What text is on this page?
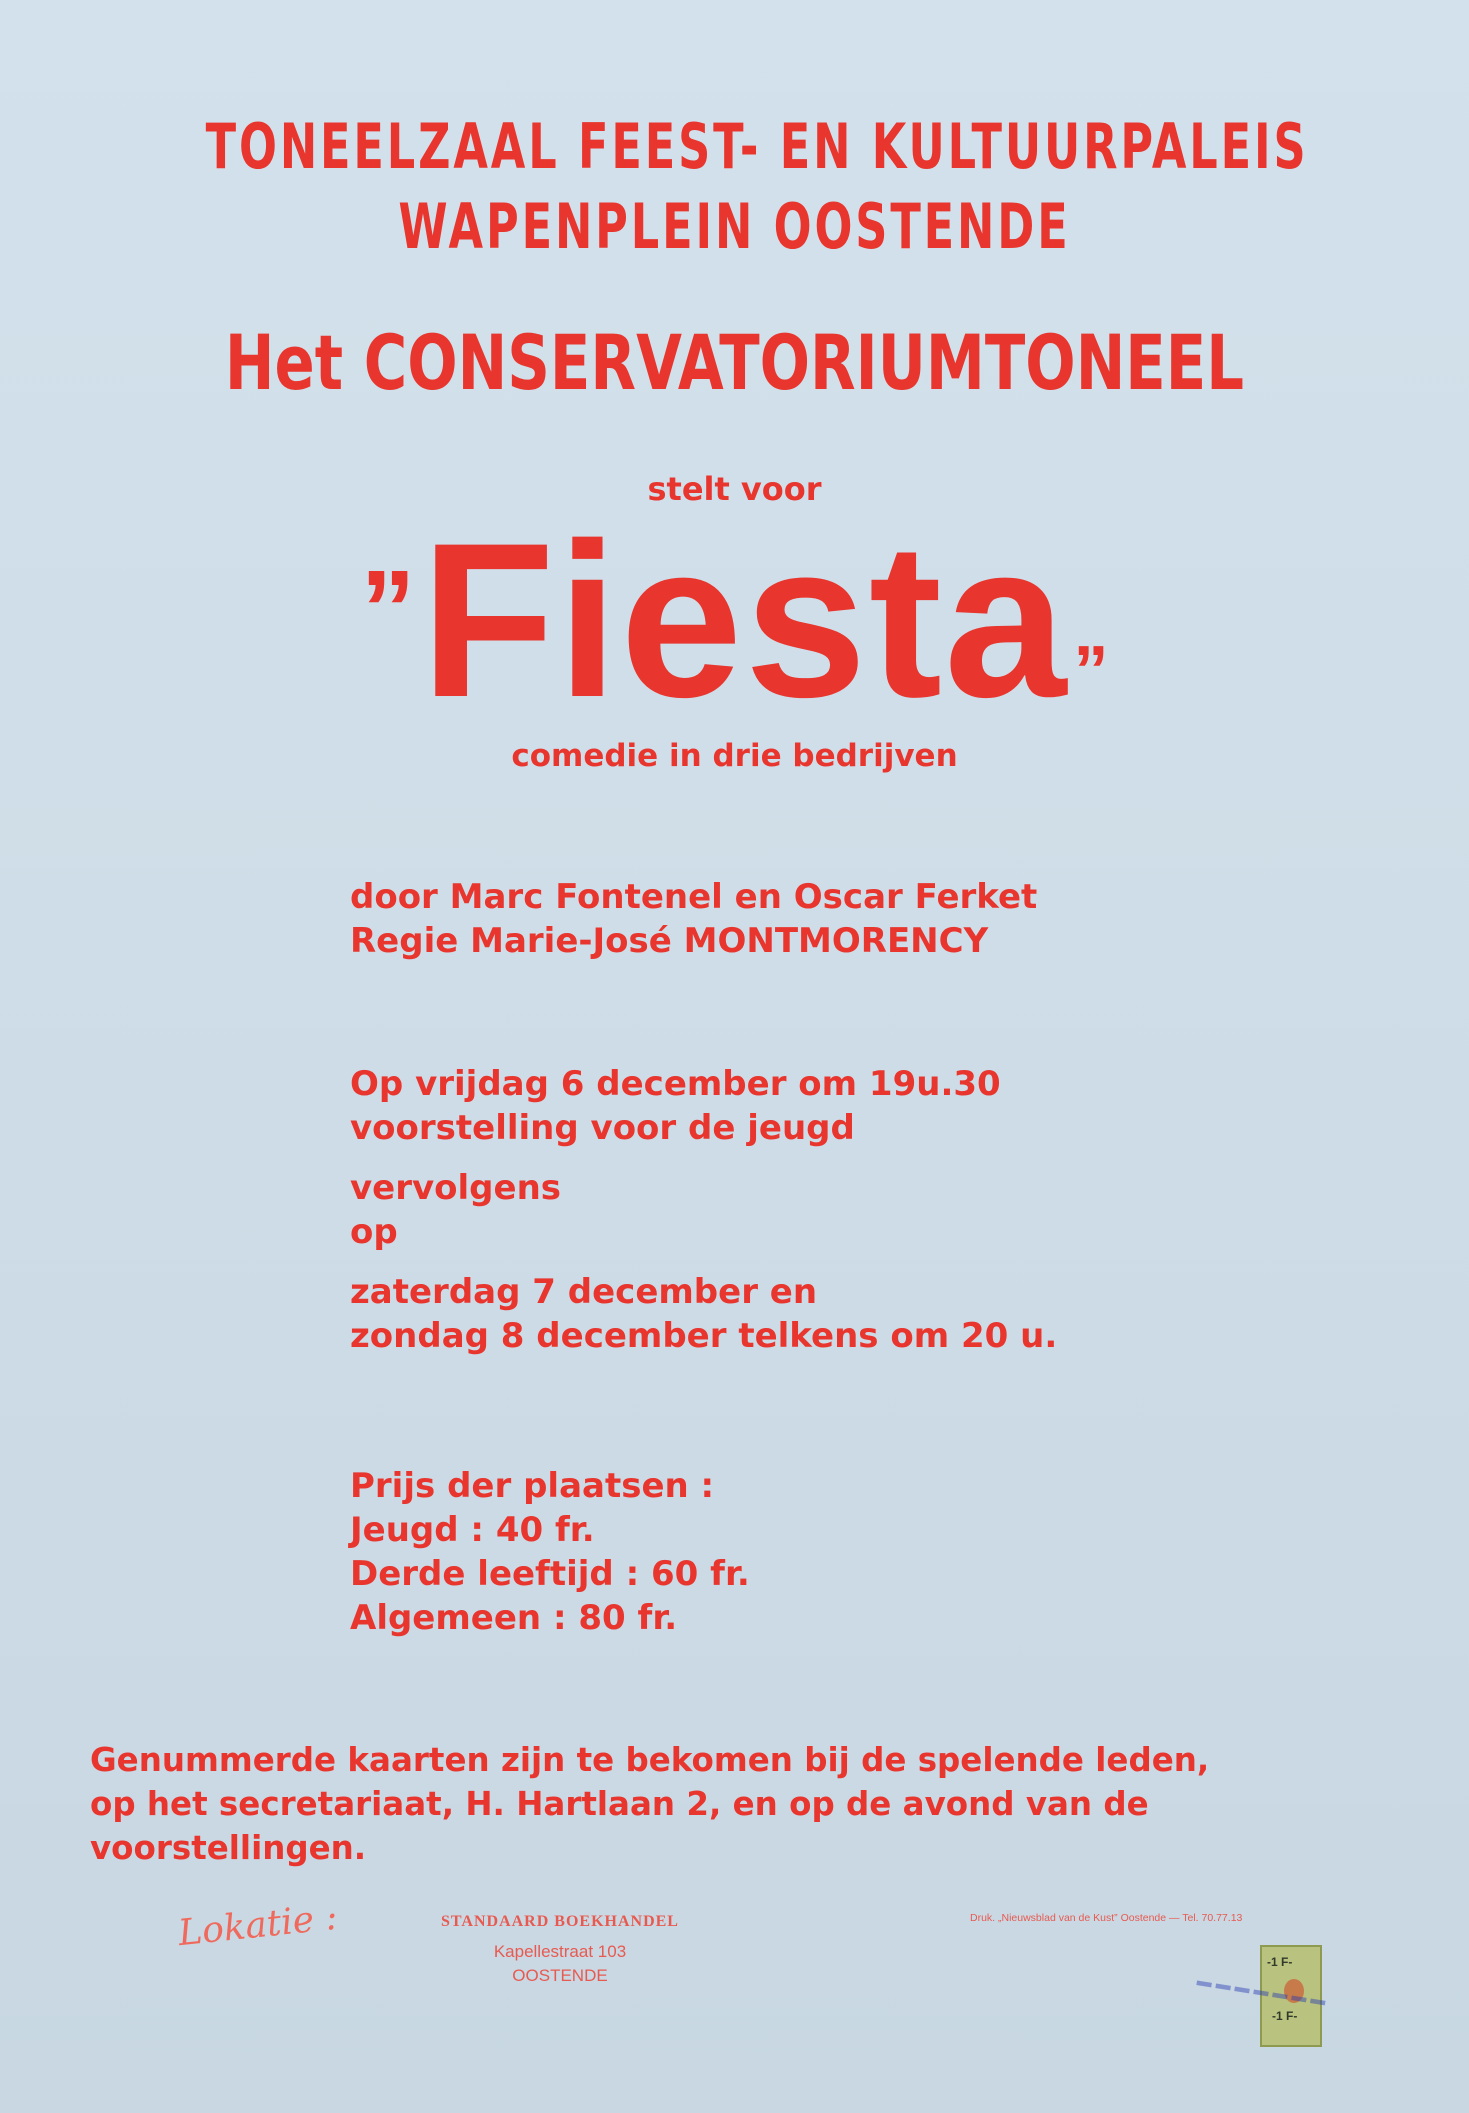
TONEELZAAL FEEST- EN KULTUURPALEIS
WAPENPLEIN OOSTENDE
Het CONSERVATORIUMTONEEL
stelt voor
” Fiesta ”
comedie in drie bedrijven
door Marc Fontenel en Oscar Ferket
Regie Marie-José MONTMORENCY
Op vrijdag 6 december om 19u.30
voorstelling voor de jeugd
vervolgens
op
zaterdag 7 december en
zondag 8 december telkens om 20 u.
Prijs der plaatsen :
Jeugd : 40 fr.
Derde leeftijd : 60 fr.
Algemeen : 80 fr.
Genummerde kaarten zijn te bekomen bij de spelende leden,
op het secretariaat, H. Hartlaan 2, en op de avond van de
voorstellingen.
Lokatie :	STANDAARD BOEKHANDEL
Kapellestraat 103
OOSTENDE
Druk. „Nieuwsblad van de Kust” Oostende — Tel. 70.77.13
-1 F-
-1 F-
▬ ▬ ▬ ▬ ▬ ▬ ▬
